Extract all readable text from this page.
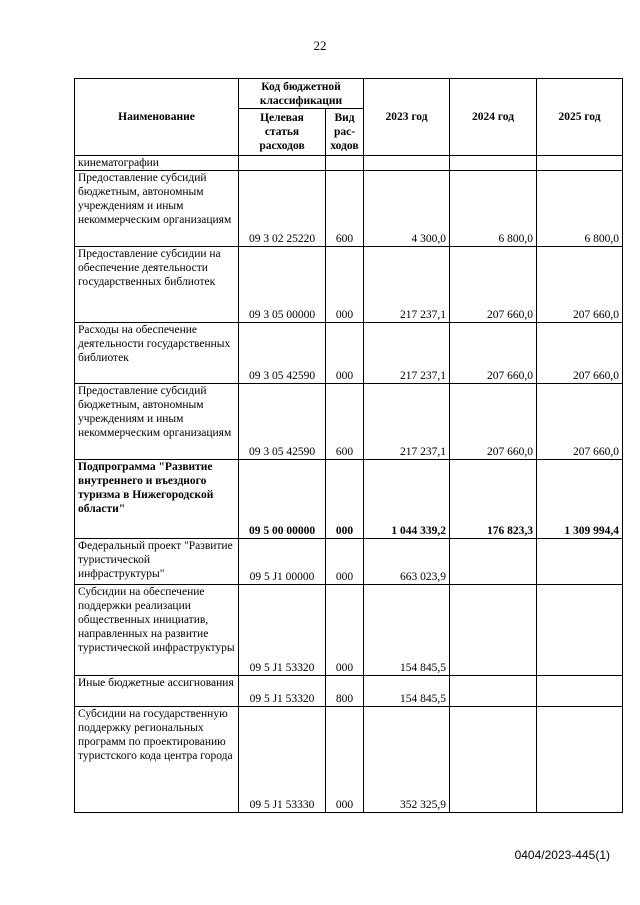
22
Наименование	Код бюджетной классификации		2023 год	2024 год	2025 год
	Целевая статья расходов	Вид рас-ходов			
кинематографии					
Предоставление субсидий бюджетным, автономным учреждениям и иным некоммерческим организациям	09 3 02 25220	600	4 300,0	6 800,0	6 800,0
Предоставление субсидии на обеспечение деятельности государственных библиотек	09 3 05 00000	000	217 237,1	207 660,0	207 660,0
Расходы на обеспечение деятельности государственных библиотек	09 3 05 42590	000	217 237,1	207 660,0	207 660,0
Предоставление субсидий бюджетным, автономным учреждениям и иным некоммерческим организациям	09 3 05 42590	600	217 237,1	207 660,0	207 660,0
Подпрограмма "Развитие внутреннего и въездного туризма в Нижегородской области"	09 5 00 00000	000	1 044 339,2	176 823,3	1 309 994,4
Федеральный проект "Развитие туристической инфраструктуры"	09 5 J1 00000	000	663 023,9		
Субсидии на обеспечение поддержки реализации общественных инициатив, направленных на развитие туристической инфраструктуры	09 5 J1 53320	000	154 845,5		
Иные бюджетные ассигнования	09 5 J1 53320	800	154 845,5		
Субсидии на государственную поддержку региональных программ по проектированию туристского кода центра города	09 5 J1 53330	000	352 325,9		
0404/2023-445(1)
